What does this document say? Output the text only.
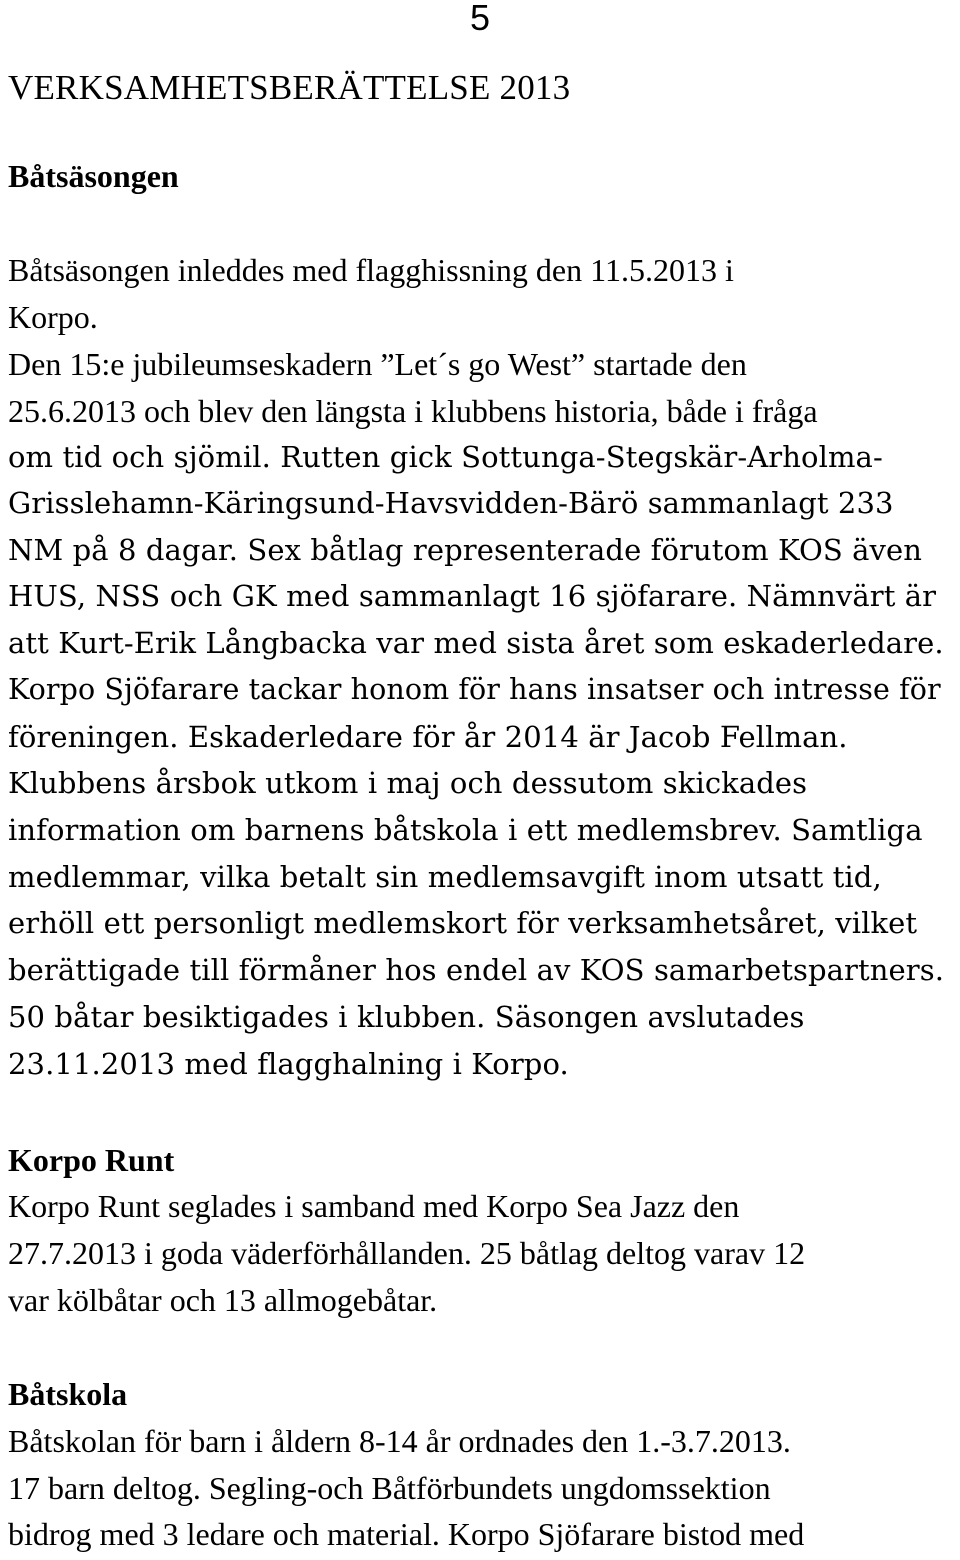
5
VERKSAMHETSBERÄTTELSE 2013
Båtsäsongen
Båtsäsongen inleddes med flagghissning den 11.5.2013 i
Korpo.
Den 15:e jubileumseskadern ”Let´s go West” startade den
25.6.2013 och blev den längsta i klubbens historia, både i fråga
om tid och sjömil. Rutten gick Sottunga-Stegskär-Arholma-
Grisslehamn-Käringsund-Havsvidden-Bärö sammanlagt 233
NM på 8 dagar. Sex båtlag representerade förutom KOS även
HUS, NSS och GK med sammanlagt 16 sjöfarare. Nämnvärt är
att Kurt-Erik Långbacka var med sista året som eskaderledare.
Korpo Sjöfarare tackar honom för hans insatser och intresse för
föreningen. Eskaderledare för år 2014 är Jacob Fellman.
Klubbens årsbok utkom i maj och dessutom skickades
information om barnens båtskola i ett medlemsbrev. Samtliga
medlemmar, vilka betalt sin medlemsavgift inom utsatt tid,
erhöll ett personligt medlemskort för verksamhetsåret, vilket
berättigade till förmåner hos endel av KOS samarbetspartners.
50 båtar besiktigades i klubben. Säsongen avslutades
23.11.2013 med flagghalning i Korpo.
Korpo Runt
Korpo Runt seglades i samband med Korpo Sea Jazz den
27.7.2013 i goda väderförhållanden. 25 båtlag deltog varav 12
var kölbåtar och 13 allmogebåtar.
Båtskola
Båtskolan för barn i åldern 8-14 år ordnades den 1.-3.7.2013.
17 barn deltog. Segling-och Båtförbundets ungdomssektion
bidrog med 3 ledare och material. Korpo Sjöfarare bistod med
